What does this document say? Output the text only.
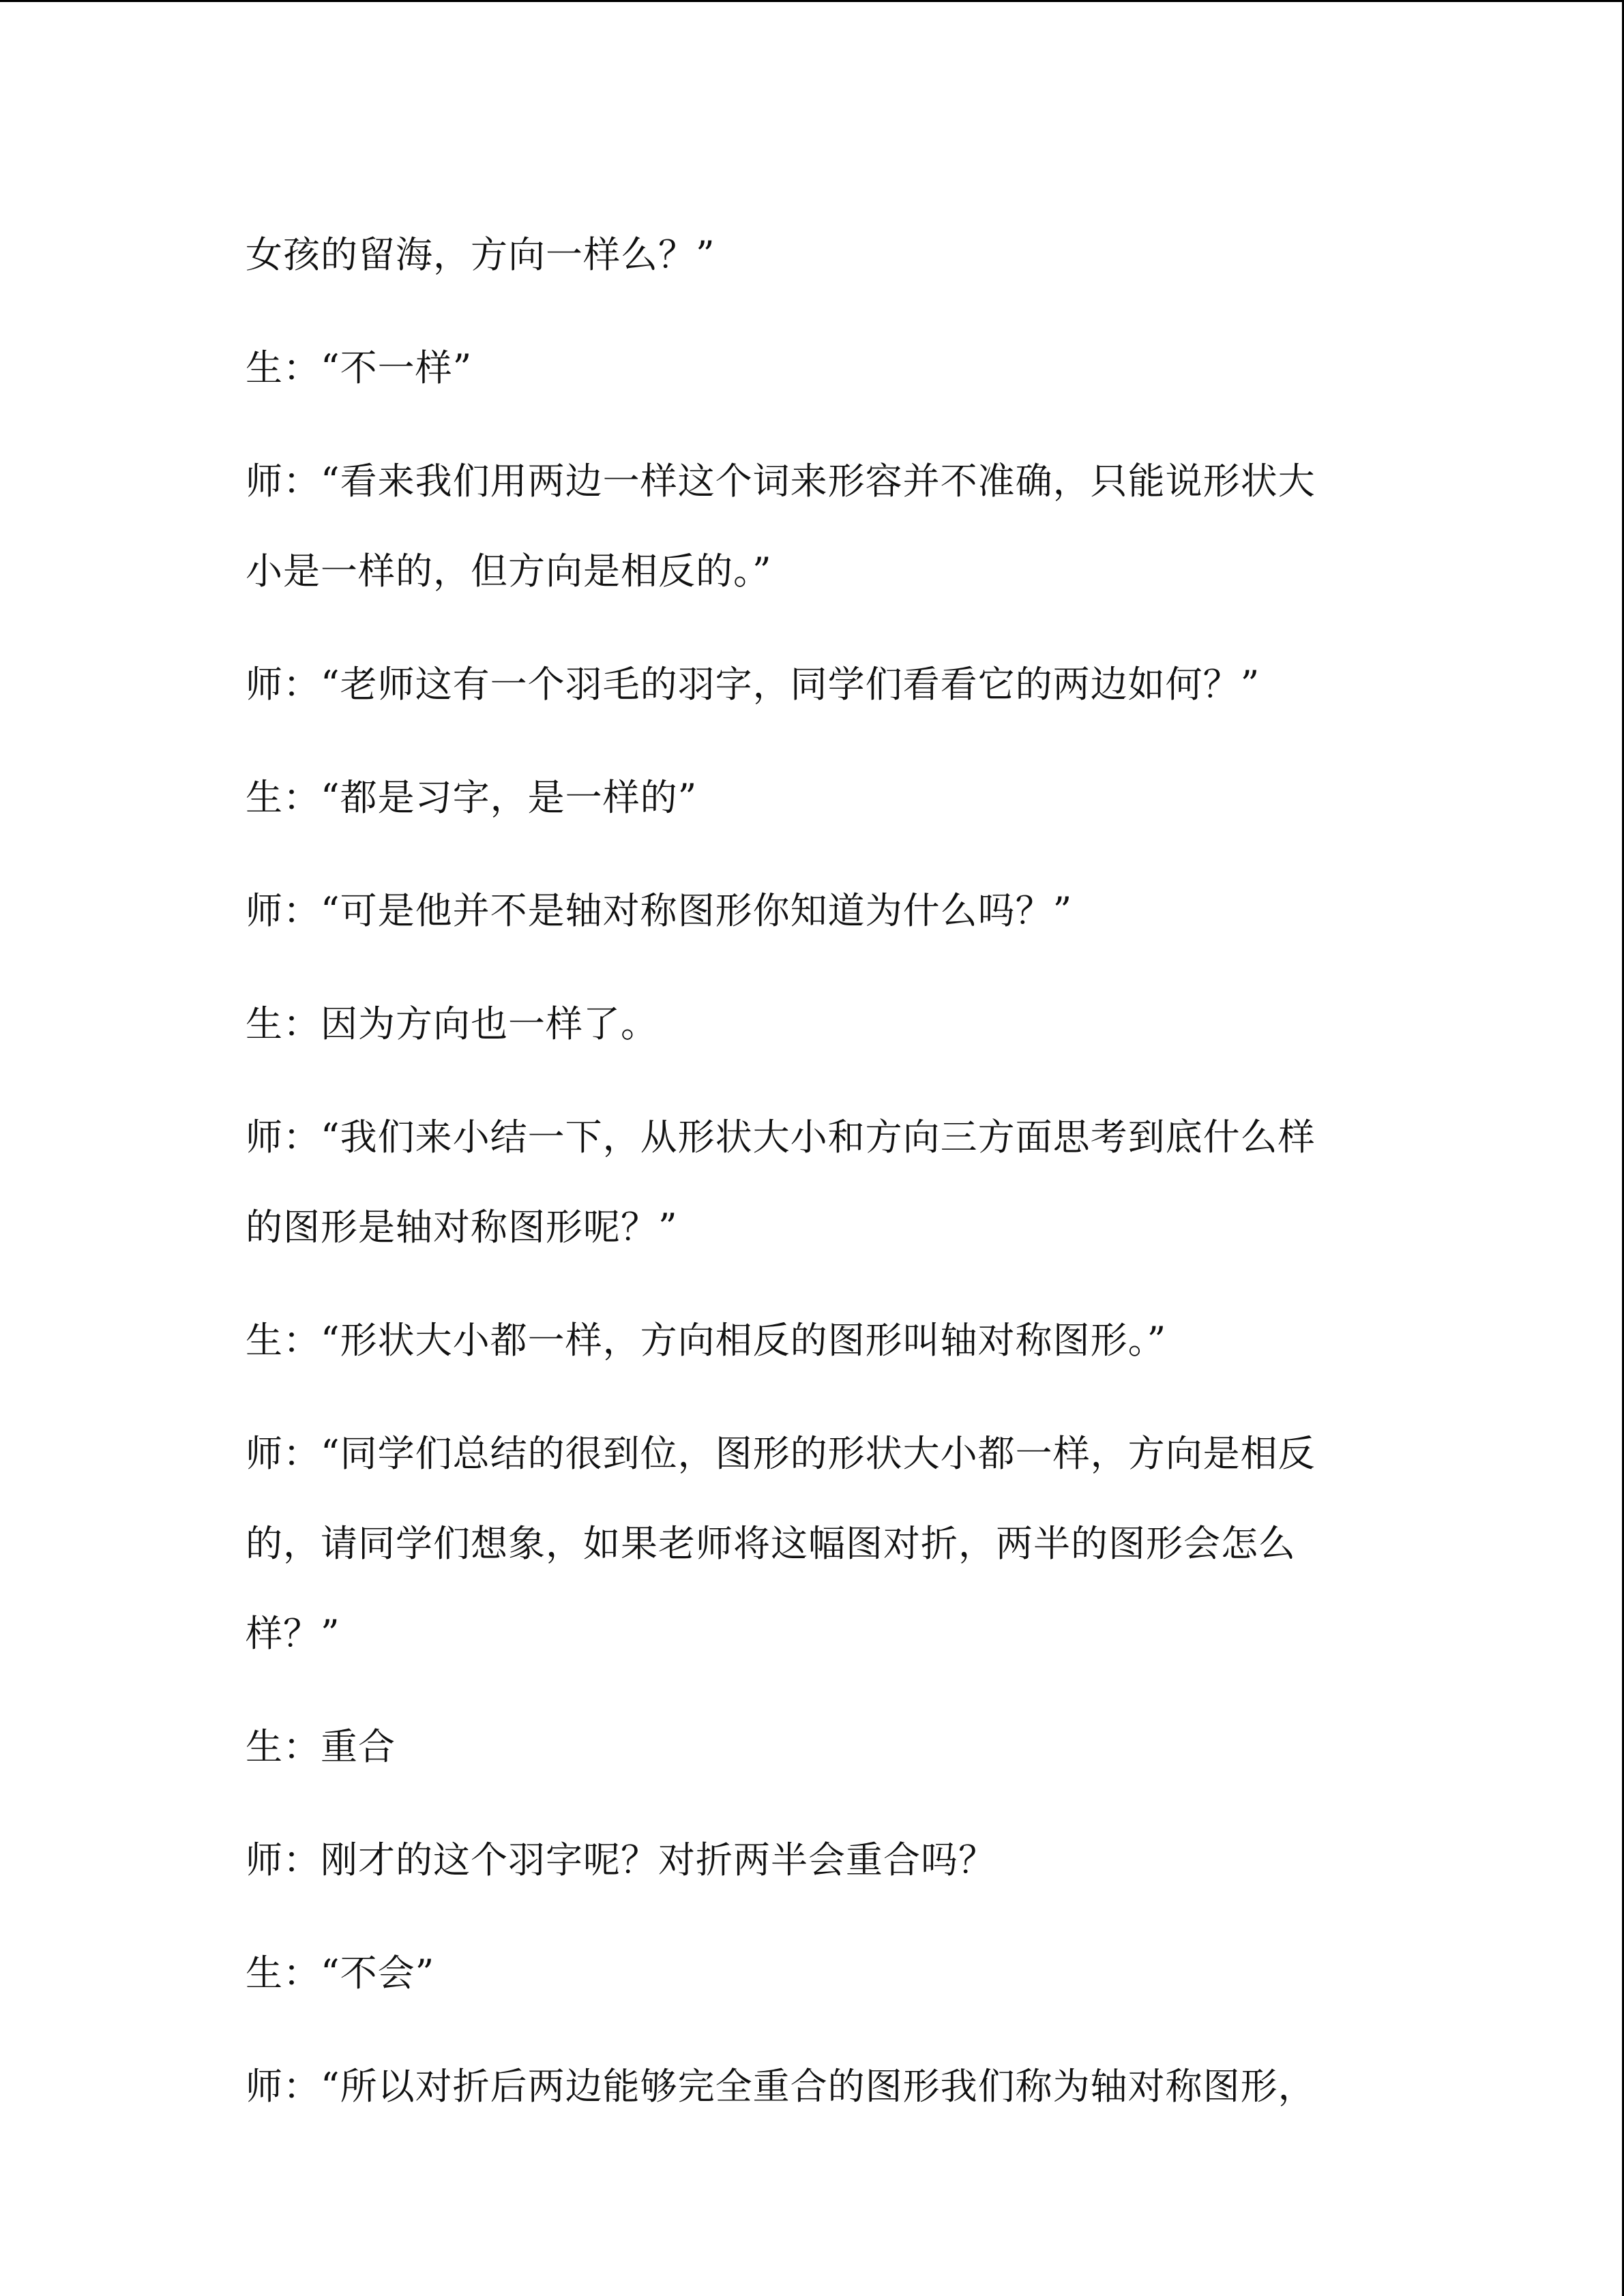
女孩的留海，方向一样么？”

生：“不一样”

师：“看来我们用两边一样这个词来形容并不准确，只能说形状大
小是一样的，但方向是相反的。”

师：“老师这有一个羽毛的羽字，同学们看看它的两边如何？”

生：“都是习字，是一样的”

师：“可是他并不是轴对称图形你知道为什么吗？”

生：因为方向也一样了。

师：“我们来小结一下，从形状大小和方向三方面思考到底什么样
的图形是轴对称图形呢？”

生：“形状大小都一样，方向相反的图形叫轴对称图形。”

师：“同学们总结的很到位，图形的形状大小都一样，方向是相反
的，请同学们想象，如果老师将这幅图对折，两半的图形会怎么
样？”

生：重合

师：刚才的这个羽字呢？对折两半会重合吗？

生：“不会”

师：“所以对折后两边能够完全重合的图形我们称为轴对称图形，
